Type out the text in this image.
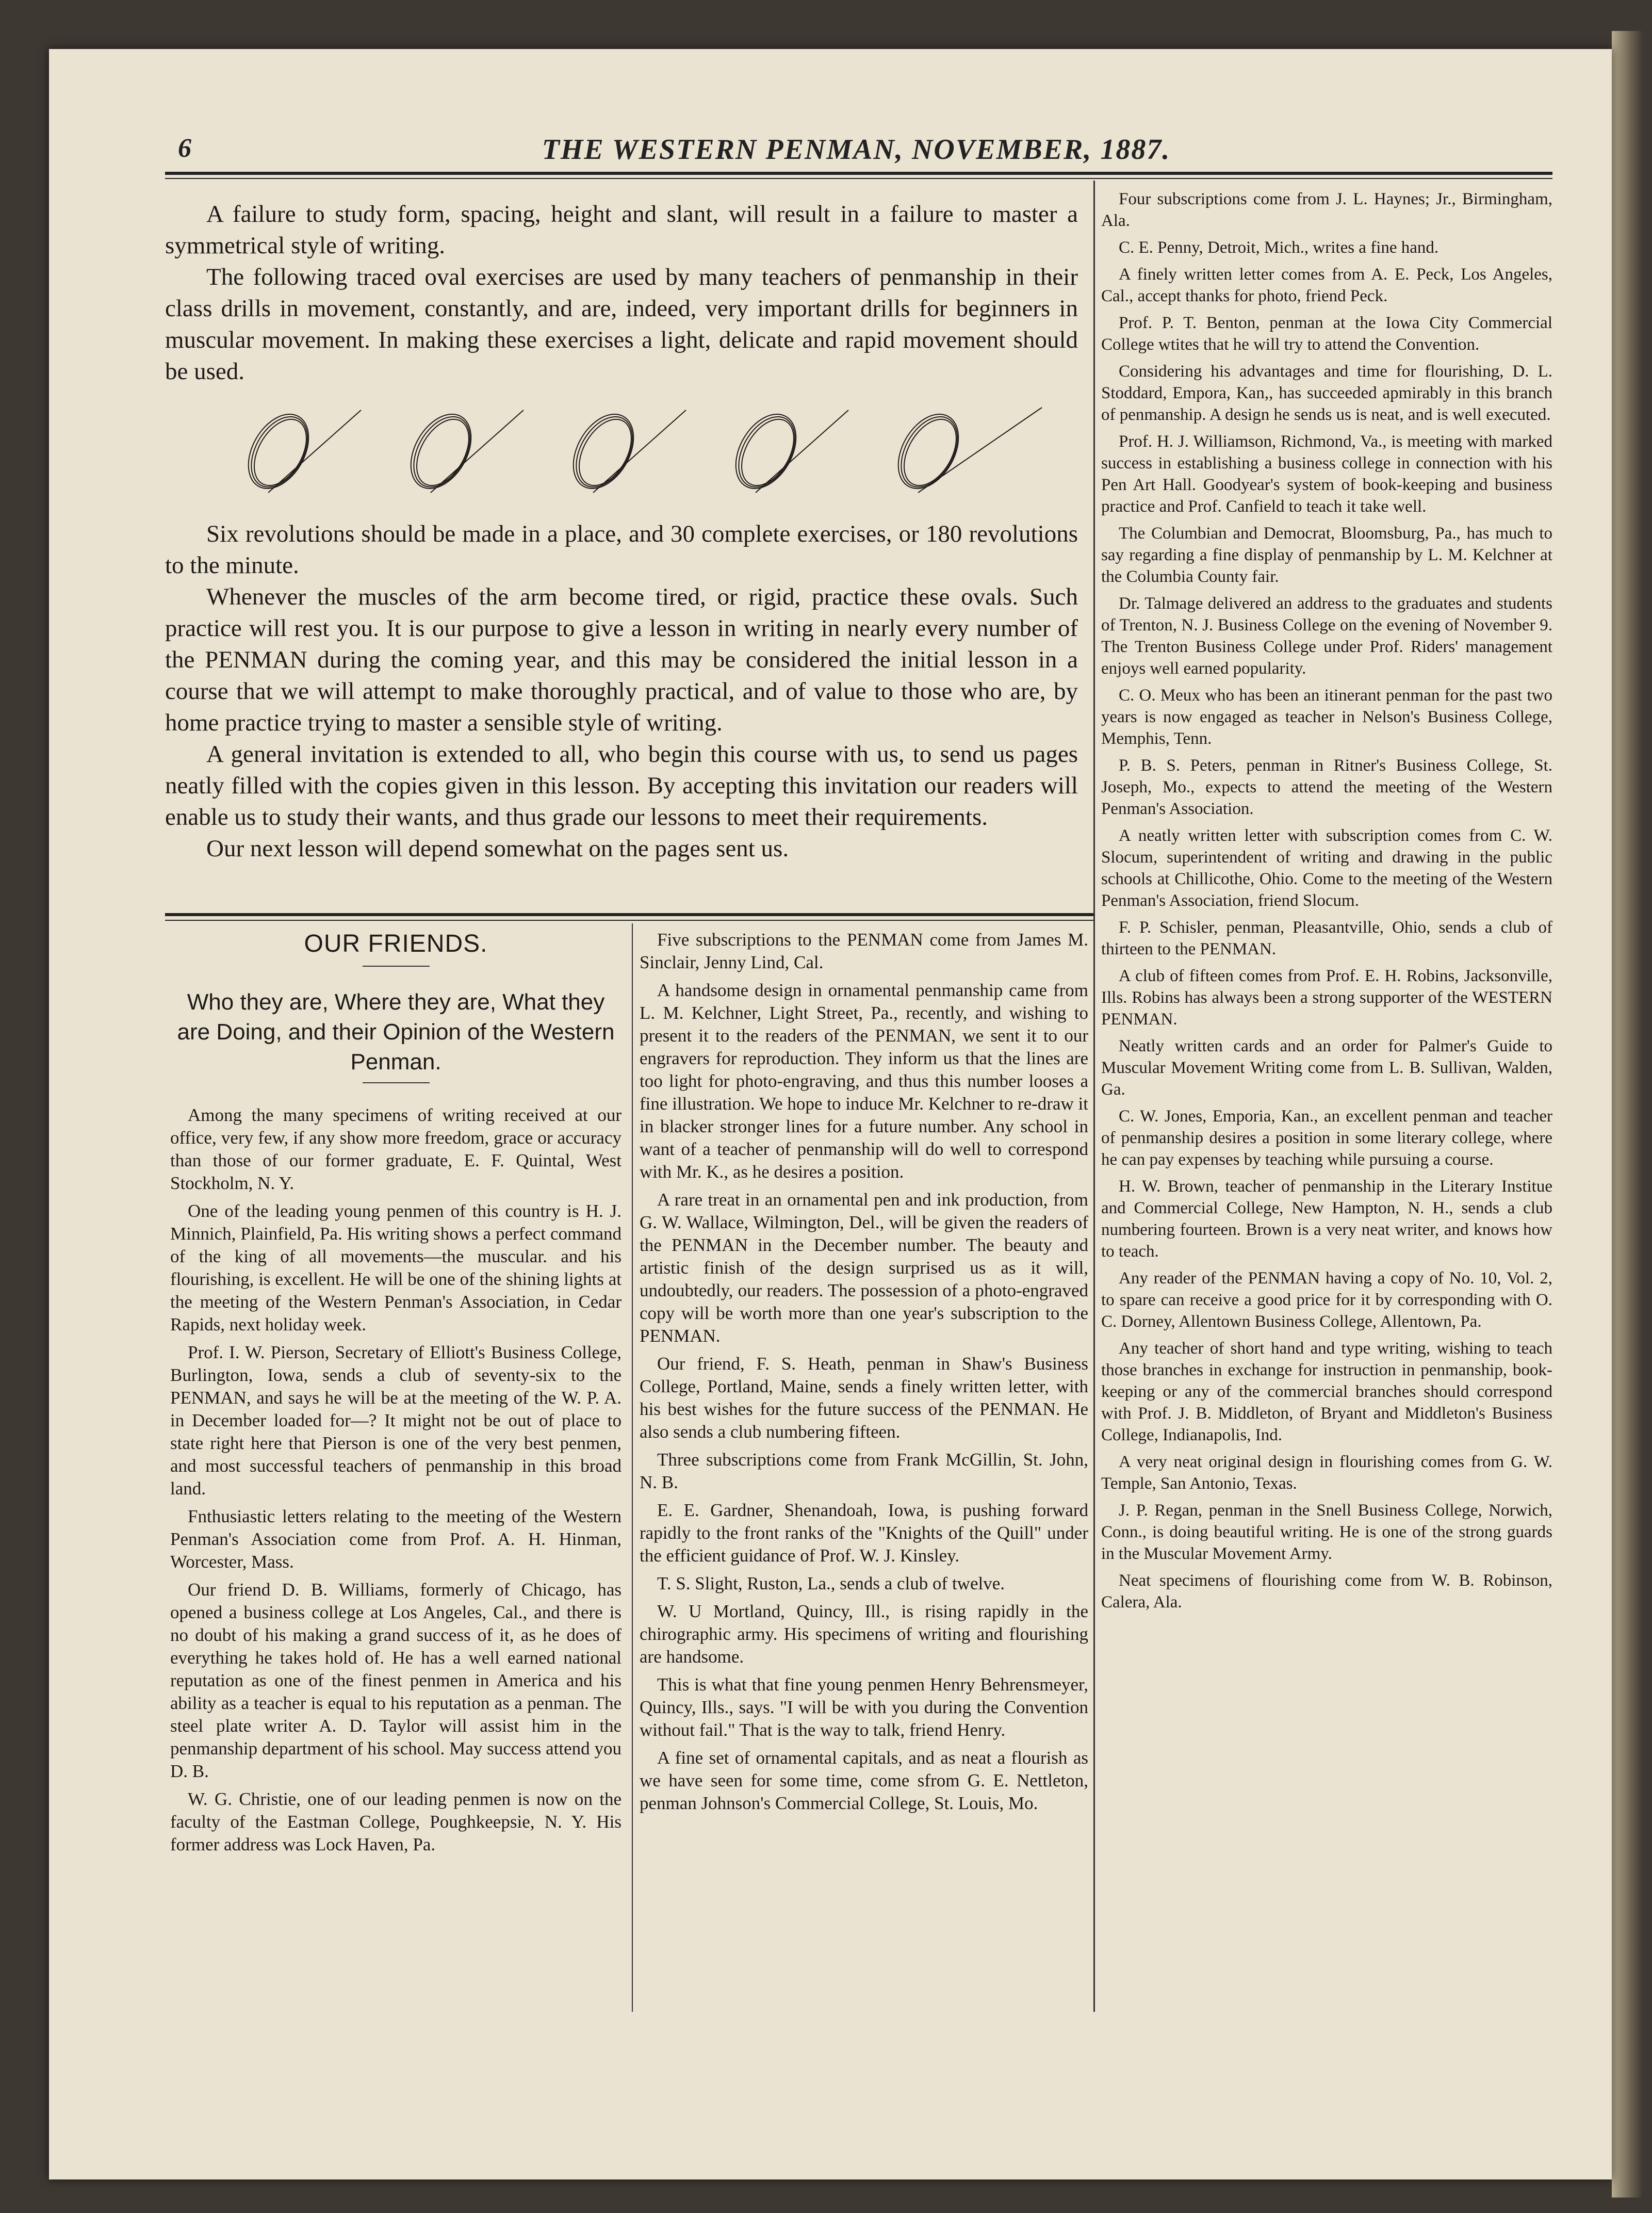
6	THE WESTERN PENMAN, NOVEMBER, 1887.

A failure to study form, spacing, height and slant, will result in a failure to master a symmetrical style of writing.

The following traced oval exercises are used by many teachers of penmanship in their class drills in movement, constantly, and are, indeed, very important drills for beginners in muscular movement. In making these exercises a light, delicate and rapid movement should be used.

Six revolutions should be made in a place, and 30 complete exercises, or 180 revolutions to the minute.

Whenever the muscles of the arm become tired, or rigid, practice these ovals. Such practice will rest you. It is our purpose to give a lesson in writing in nearly every number of the PENMAN during the coming year, and this may be considered the initial lesson in a course that we will attempt to make thoroughly practical, and of value to those who are, by home practice trying to master a sensible style of writing.

A general invitation is extended to all, who begin this course with us, to send us pages neatly filled with the copies given in this lesson. By accepting this invitation our readers will enable us to study their wants, and thus grade our lessons to meet their requirements.

Our next lesson will depend somewhat on the pages sent us.

OUR FRIENDS.
Who they are, Where they are, What they are Doing, and their Opinion of the Western Penman.

Among the many specimens of writing received at our office, very few, if any show more freedom, grace or accuracy than those of our former graduate, E. F. Quintal, West Stockholm, N. Y.

One of the leading young penmen of this country is H. J. Minnich, Plainfield, Pa. His writing shows a perfect command of the king of all movements—the muscular. and his flourishing, is excellent. He will be one of the shining lights at the meeting of the Western Penman's Association, in Cedar Rapids, next holiday week.

Prof. I. W. Pierson, Secretary of Elliott's Business College, Burlington, Iowa, sends a club of seventy-six to the PENMAN, and says he will be at the meeting of the W. P. A. in December loaded for—? It might not be out of place to state right here that Pierson is one of the very best penmen, and most successful teachers of penmanship in this broad land.

Fnthusiastic letters relating to the meeting of the Western Penman's Association come from Prof. A. H. Hinman, Worcester, Mass.

Our friend D. B. Williams, formerly of Chicago, has opened a business college at Los Angeles, Cal., and there is no doubt of his making a grand success of it, as he does of everything he takes hold of. He has a well earned national reputation as one of the finest penmen in America and his ability as a teacher is equal to his reputation as a penman. The steel plate writer A. D. Taylor will assist him in the penmanship department of his school. May success attend you D. B.

W. G. Christie, one of our leading penmen is now on the faculty of the Eastman College, Poughkeepsie, N. Y. His former address was Lock Haven, Pa.

Five subscriptions to the PENMAN come from James M. Sinclair, Jenny Lind, Cal.

A handsome design in ornamental penmanship came from L. M. Kelchner, Light Street, Pa., recently, and wishing to present it to the readers of the PENMAN, we sent it to our engravers for reproduction. They inform us that the lines are too light for photo-engraving, and thus this number looses a fine illustration. We hope to induce Mr. Kelchner to re-draw it in blacker stronger lines for a future number. Any school in want of a teacher of penmanship will do well to correspond with Mr. K., as he desires a position.

A rare treat in an ornamental pen and ink production, from G. W. Wallace, Wilmington, Del., will be given the readers of the PENMAN in the December number. The beauty and artistic finish of the design surprised us as it will, undoubtedly, our readers. The possession of a photo-engraved copy will be worth more than one year's subscription to the PENMAN.

Our friend, F. S. Heath, penman in Shaw's Business College, Portland, Maine, sends a finely written letter, with his best wishes for the future success of the PENMAN. He also sends a club numbering fifteen.

Three subscriptions come from Frank McGillin, St. John, N. B.

E. E. Gardner, Shenandoah, Iowa, is pushing forward rapidly to the front ranks of the "Knights of the Quill" under the efficient guidance of Prof. W. J. Kinsley.

T. S. Slight, Ruston, La., sends a club of twelve.

W. U Mortland, Quincy, Ill., is rising rapidly in the chirographic army. His specimens of writing and flourishing are handsome.

This is what that fine young penmen Henry Behrensmeyer, Quincy, Ills., says. "I will be with you during the Convention without fail." That is the way to talk, friend Henry.

A fine set of ornamental capitals, and as neat a flourish as we have seen for some time, come sfrom G. E. Nettleton, penman Johnson's Commercial College, St. Louis, Mo.

Four subscriptions come from J. L. Haynes; Jr., Birmingham, Ala.

C. E. Penny, Detroit, Mich., writes a fine hand.

A finely written letter comes from A. E. Peck, Los Angeles, Cal., accept thanks for photo, friend Peck.

Prof. P. T. Benton, penman at the Iowa City Commercial College wtites that he will try to attend the Convention.

Considering his advantages and time for flourishing, D. L. Stoddard, Empora, Kan,, has succeeded apmirably in this branch of penmanship. A design he sends us is neat, and is well executed.

Prof. H. J. Williamson, Richmond, Va., is meeting with marked success in establishing a business college in connection with his Pen Art Hall. Goodyear's system of book-keeping and business practice and Prof. Canfield to teach it take well.

The Columbian and Democrat, Bloomsburg, Pa., has much to say regarding a fine display of penmanship by L. M. Kelchner at the Columbia County fair.

Dr. Talmage delivered an address to the graduates and students of Trenton, N. J. Business College on the evening of November 9. The Trenton Business College under Prof. Riders' management enjoys well earned popularity.

C. O. Meux who has been an itinerant penman for the past two years is now engaged as teacher in Nelson's Business College, Memphis, Tenn.

P. B. S. Peters, penman in Ritner's Business College, St. Joseph, Mo., expects to attend the meeting of the Western Penman's Association.

A neatly written letter with subscription comes from C. W. Slocum, superintendent of writing and drawing in the public schools at Chillicothe, Ohio. Come to the meeting of the Western Penman's Association, friend Slocum.

F. P. Schisler, penman, Pleasantville, Ohio, sends a club of thirteen to the PENMAN.

A club of fifteen comes from Prof. E. H. Robins, Jacksonville, Ills. Robins has always been a strong supporter of the WESTERN PENMAN.

Neatly written cards and an order for Palmer's Guide to Muscular Movement Writing come from L. B. Sullivan, Walden, Ga.

C. W. Jones, Emporia, Kan., an excellent penman and teacher of penmanship desires a position in some literary college, where he can pay expenses by teaching while pursuing a course.

H. W. Brown, teacher of penmanship in the Literary Institue and Commercial College, New Hampton, N. H., sends a club numbering fourteen. Brown is a very neat writer, and knows how to teach.

Any reader of the PENMAN having a copy of No. 10, Vol. 2, to spare can receive a good price for it by corresponding with O. C. Dorney, Allentown Business College, Allentown, Pa.

Any teacher of short hand and type writing, wishing to teach those branches in exchange for instruction in penmanship, book-keeping or any of the commercial branches should correspond with Prof. J. B. Middleton, of Bryant and Middleton's Business College, Indianapolis, Ind.

A very neat original design in flourishing comes from G. W. Temple, San Antonio, Texas.

J. P. Regan, penman in the Snell Business College, Norwich, Conn., is doing beautiful writing. He is one of the strong guards in the Muscular Movement Army.

Neat specimens of flourishing come from W. B. Robinson, Calera, Ala.
